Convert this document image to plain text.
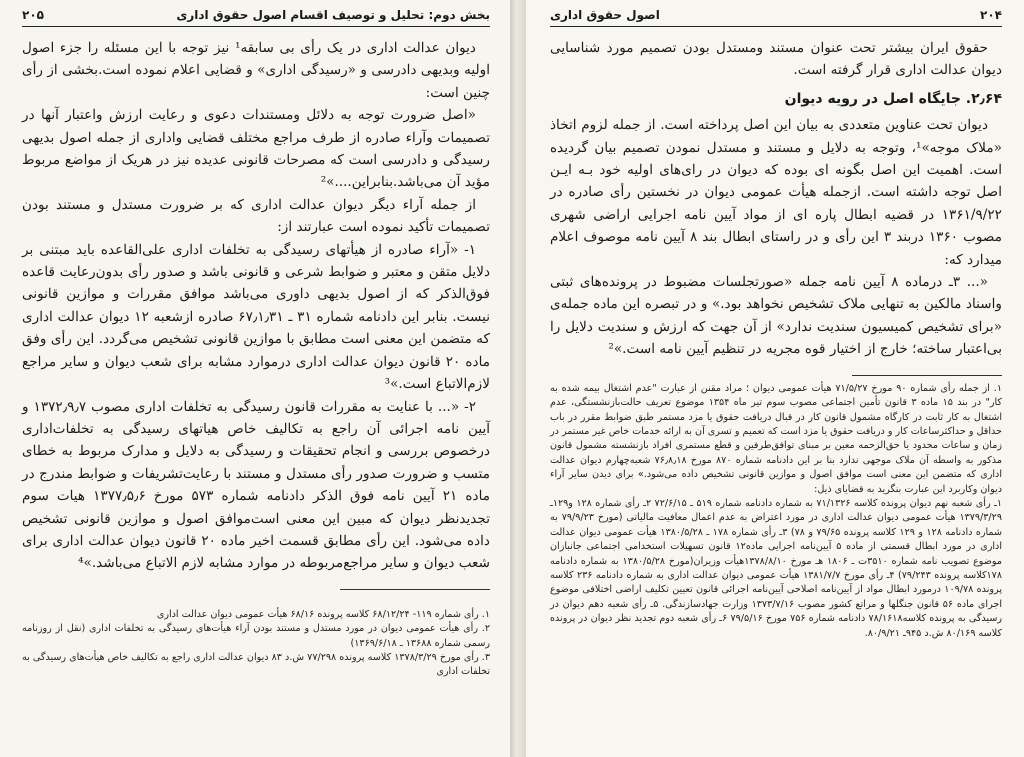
بخش دوم: تحلیل و توصیف اقسام اصول حقوق اداری
۲۰۵

دیوان عدالت اداری در یک رأی بی سابقه¹ نیز توجه با این مسئله را جزء اصول اولیه وبدیهی دادرسی و «رسیدگی اداری» و قضایی اعلام نموده است.بخشی از رأی چنین است:

«اصل ضرورت توجه به دلائل ومستندات دعوی و رعایت ارزش واعتبار آنها در تصمیمات وآراء صادره از طرف مراجع مختلف قضایی واداری از جمله اصول بدیهی رسیدگی و دادرسی است که مصرحات قانونی عدیده نیز در هریک از مواضع مربوط مؤید آن می‌باشد.بنابراین....»²

از جمله آراء دیگر دیوان عدالت اداری که بر ضرورت مستدل و مستند بودن تصمیمات تأکید نموده است عبارتند از:

۱- «آراء صادره از هیأتهای رسیدگی به تخلفات اداری علی‌القاعده باید مبتنی بر دلایل متقن و معتبر و ضوابط شرعی و قانونی باشد و صدور رأی بدون‌رعایت قاعده فوق‌الذکر که از اصول بدیهی داوری می‌باشد موافق مقررات و موازین قانونی نیست. بنابر این دادنامه شماره ۳۱ ـ ۶۷٫۱٫۳۱ صادره ازشعبه ۱۲ دیوان عدالت اداری که متضمن این معنی است مطابق با موازین قانونی تشخیص می‌گردد. این رأی وفق ماده ۲۰ قانون دیوان عدالت اداری درموارد مشابه برای شعب دیوان و سایر مراجع لازم‌الاتباع است.»³

۲- «... با عنایت به مقررات قانون رسیدگی به تخلفات اداری مصوب ۱۳۷۲٫۹٫۷ و آیین نامه اجرائی آن راجع به تکالیف خاص هیاتهای رسیدگی به تخلفات‌اداری درخصوص بررسی و انجام تحقیقات و رسیدگی به دلایل و مدارک مربوط به خطای متسب و ضرورت صدور رأی مستدل و مستند با رعایت‌تشریفات و ضوابط مندرج در ماده ۲۱ آیین نامه فوق الذکر دادنامه شماره ۵۷۳ مورخ ۱۳۷۷٫۵٫۶ هیات سوم تجدیدنظر دیوان که مبین این معنی است‌موافق اصول و موازین قانونی تشخیص داده می‌شود. این رأی مطابق قسمت اخیر ماده ۲۰ قانون دیوان عدالت اداری برای شعب دیوان و سایر مراجع‌مربوطه در موارد مشابه لازم الاتباع می‌باشد.»⁴

۱. رأی شماره ۱۱۹- ۶۸/۱۲/۲۴ کلاسه پرونده ۶۸/۱۶ هیأت عمومی دیوان عدالت اداری

۲. رأی هیأت عمومی دیوان در مورد مستدل و مستند بودن آراء هیأت‌های رسیدگی به تخلفات اداری (نقل از روزنامه رسمی شماره ۱۳۶۸۸ ـ ۱۳۶۹/۶/۱۸)

۳. رأی مورخ ۱۳۷۸/۳/۲۹ کلاسه پرونده ۷۷/۲۹۸ ش.د ۸۳ دیوان عدالت اداری راجع به تکالیف خاص هیأت‌های رسیدگی به تخلفات اداری

۲۰۴
اصول حقوق اداری

حقوق ایران بیشتر تحت عنوان مستند ومستدل بودن تصمیم مورد شناسایی دیوان عدالت اداری قرار گرفته است.

۲٫۶۴. جایگاه اصل در رویه دیوان

دیوان تحت عناوین متعددی به بیان این اصل پرداخته است. از جمله لزوم اتخاذ «ملاک موجه»¹، وتوجه به دلایل و مستند و مستدل نمودن تصمیم بیان گردیده است. اهمیت این اصل بگونه ای بوده که دیوان در رای‌های اولیه خود بـه ایـن اصل توجه داشته است. ازجمله هیأت عمومی دیوان در نخستین رأی صادره در ۱۳۶۱/۹/۲۲ در قضیه ابطال پاره ای از مواد آیین نامه اجرایی اراضی شهری مصوب ۱۳۶۰ دربند ۳ این رأی و در راستای ابطال بند ۸ آیین نامه موصوف اعلام میدارد که:

«... ۳ـ درماده ۸ آیین نامه جمله «صورتجلسات مضبوط در پرونده‌های ثبتی واسناد مالکین به تنهایی ملاک تشخیص نخواهد بود.» و در تبصره این ماده جمله‌ی «برای تشخیص کمیسیون سندیت ندارد» از آن جهت که ارزش و سندیت دلایل را بی‌اعتبار ساخته؛ خارج از اختیار قوه مجریه در تنظیم آیین نامه است.»²

۱. از جمله رأی شماره ۹۰ مورخ ۷۱/۵/۲۷ هیأت عمومی دیوان ؛ مراد مقنن از عبارت "عدم اشتغال بیمه شده به کار" در بند ۱۵ ماده ۳ قانون تأمین اجتماعی مصوب سوم تیر ماه ۱۳۵۴ موضوع تعریف حالت‌بازنشستگی، عدم اشتغال به کار ثابت در کارگاه مشمول قانون کار در قبال دریافت حقوق یا مزد مستمر طبق ضوابط مقرر در باب حداقل و حداکثرساعات کار و دریافت حقوق یا مزد است که تعمیم و تسری آن به ارائه خدمات خاص غیر مستمر در زمان و ساعات محدود یا حق‌الزحمه معین بر مبنای توافق‌طرفین و قطع مستمری افراد بازنشسته مشمول قانون مذکور به واسطه آن ملاک موجهی ندارد بنا بر این دادنامه شماره ۸۷۰ مورخ ۷۶٫۸٫۱۸ شعبه‌چهارم دیوان عدالت اداری که متضمن این معنی است موافق اصول و موازین قانونی تشخیص داده می‌شود.» برای دیدن سایر آراء دیوان وکاربرد این عبارت بنگرید به قضایای ذیل:

۱ـ رأی شعبه نهم دیوان پرونده کلاسه ۷۱/۱۳۲۶ به شماره دادنامه شماره ۵۱۹ ـ ۷۲/۶/۱۵ ۲ـ رأی شماره ۱۲۸ و۱۲۹ـ ۱۳۷۹/۳/۲۹ هیأت عمومی دیوان عدالت اداری در مورد اعتراض به عدم اعمال معافیت مالیاتی (مورخ ۷۹/۹/۲۳ به شماره دادنامه ۱۲۸ و ۱۲۹ کلاسه پرونده ۷۹/۶۵ و ۷۸) ۳ـ رأی شماره ۱۷۸ ـ ۱۳۸۰/۵/۲۸ هیأت عمومی دیوان عدالت اداری در مورد ابطال قسمتی از ماده ۵ آیین‌نامه اجرایی ماده۱۲ قانون تسهیلات استخدامی اجتماعی جانبازان موضوع تصویب نامه شماره ۳۵۱۰ت ـ ۱۸۰۶ هـ مورخ ۱۳۷۸/۸/۱۰هیأت وزیران(مورخ ۱۳۸۰/۵/۲۸ به شماره دادنامه ۱۷۸کلاسه پرونده ۷۹/۲۴۳) ۴ـ رأی مورخ ۱۳۸۱/۷/۷ هیأت عمومی دیوان عدالت اداری به شماره دادنامه ۲۳۶ کلاسه پرونده ۱۰۹/۷۸ درمورد ابطال مواد از آیین‌نامه اصلاحی آیین‌نامه اجرائی قانون تعیین تکلیف اراضی اختلافی موضوع اجرای ماده ۵۶ قانون جنگلها و مراتع کشور مصوب ۱۳۷۳/۷/۱۶ وزارت جهادسازندگی. ۵ـ رأی شعبه دهم دیوان در رسیدگی به پرونده کلاسه۷۸/۱۶۱۸ دادنامه شماره ۷۵۶ مورخ ۷۹/۵/۱۶ ۶ـ رأی شعبه دوم تجدید نظر دیوان در پرونده کلاسه ۸۰/۱۶۹ ش.د ۹۴۵ـ ۸۰/۹/۲۱.
